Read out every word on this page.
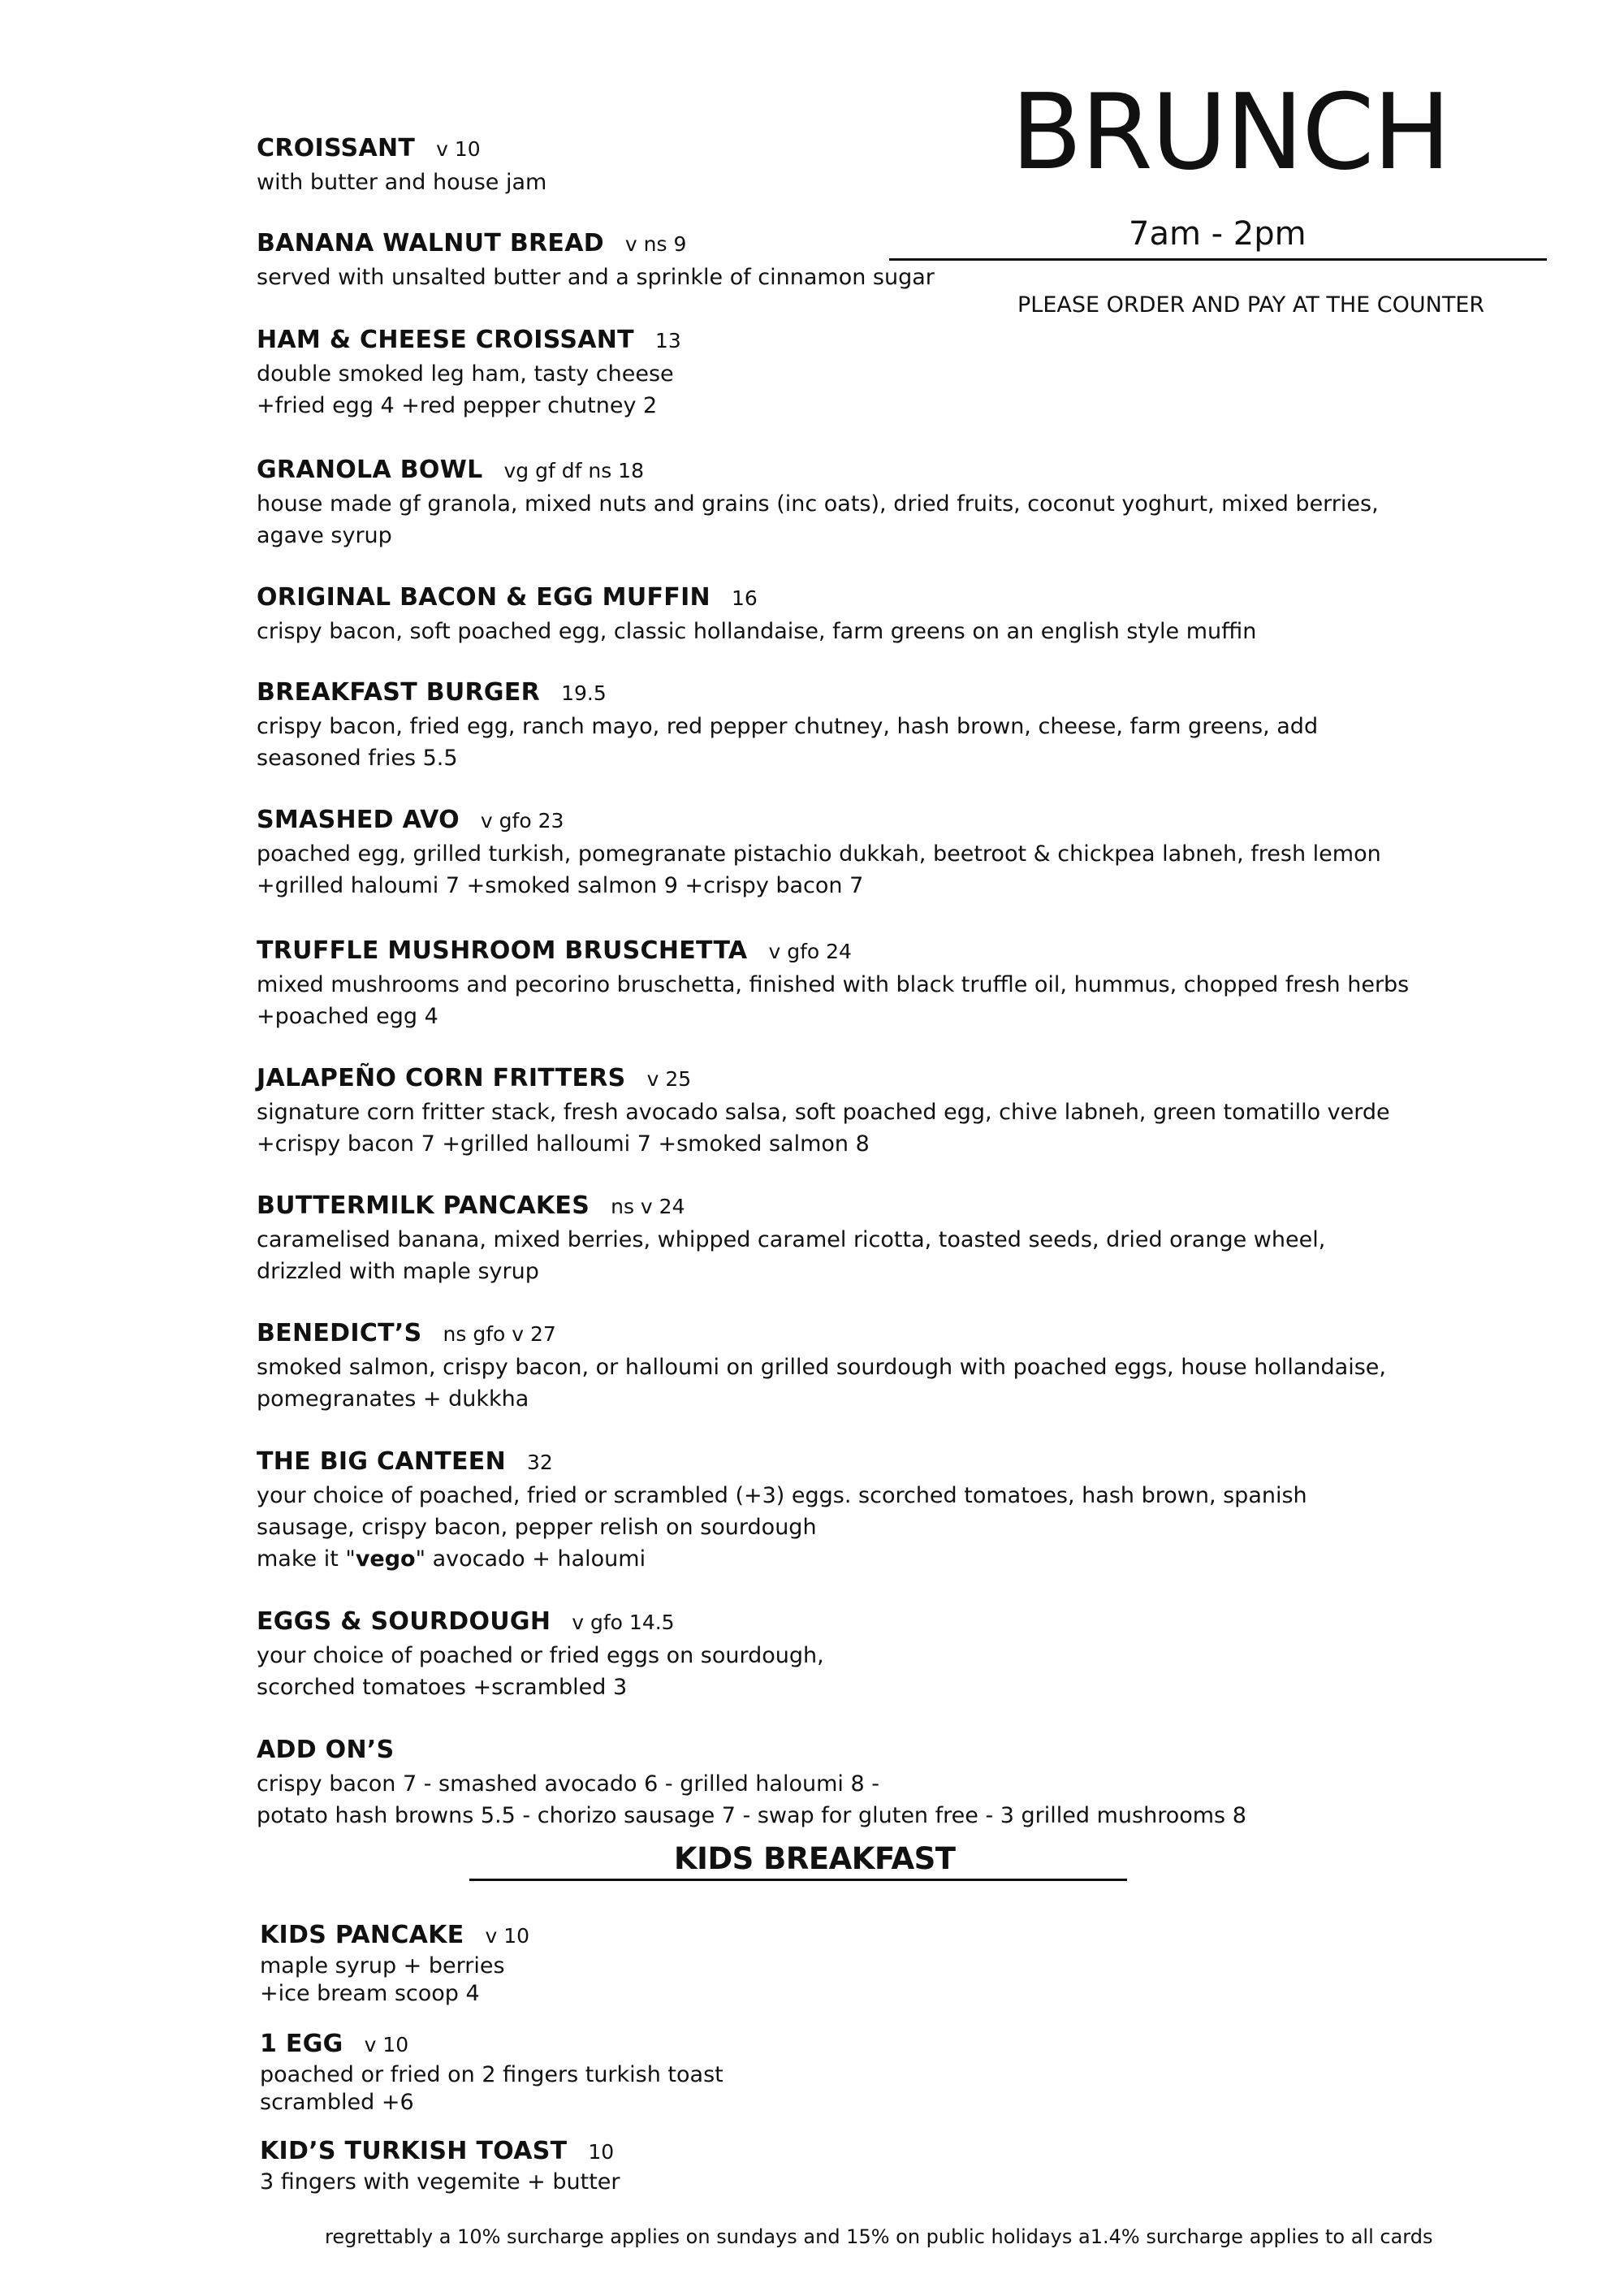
BRUNCH
7am - 2pm
PLEASE ORDER AND PAY AT THE COUNTER
CROISSANT v 10
with butter and house jam
BANANA WALNUT BREAD v ns 9
served with unsalted butter and a sprinkle of cinnamon sugar
HAM & CHEESE CROISSANT 13
double smoked leg ham, tasty cheese
+fried egg 4 +red pepper chutney 2
GRANOLA BOWL vg gf df ns 18
house made gf granola, mixed nuts and grains (inc oats), dried fruits, coconut yoghurt, mixed berries,
agave syrup
ORIGINAL BACON & EGG MUFFIN 16
crispy bacon, soft poached egg, classic hollandaise, farm greens on an english style muffin
BREAKFAST BURGER 19.5
crispy bacon, fried egg, ranch mayo, red pepper chutney, hash brown, cheese, farm greens, add
seasoned fries 5.5
SMASHED AVO v gfo 23
poached egg, grilled turkish, pomegranate pistachio dukkah, beetroot & chickpea labneh, fresh lemon
+grilled haloumi 7 +smoked salmon 9 +crispy bacon 7
TRUFFLE MUSHROOM BRUSCHETTA v gfo 24
mixed mushrooms and pecorino bruschetta, finished with black truffle oil, hummus, chopped fresh herbs
+poached egg 4
JALAPEÑO CORN FRITTERS v 25
signature corn fritter stack, fresh avocado salsa, soft poached egg, chive labneh, green tomatillo verde
+crispy bacon 7 +grilled halloumi 7 +smoked salmon 8
BUTTERMILK PANCAKES ns v 24
caramelised banana, mixed berries, whipped caramel ricotta, toasted seeds, dried orange wheel,
drizzled with maple syrup
BENEDICT’S ns gfo v 27
smoked salmon, crispy bacon, or halloumi on grilled sourdough with poached eggs, house hollandaise,
pomegranates + dukkha
THE BIG CANTEEN 32
your choice of poached, fried or scrambled (+3) eggs. scorched tomatoes, hash brown, spanish
sausage, crispy bacon, pepper relish on sourdough
make it "vego" avocado + haloumi
EGGS & SOURDOUGH v gfo 14.5
your choice of poached or fried eggs on sourdough,
scorched tomatoes +scrambled 3
ADD ON’S
crispy bacon 7 - smashed avocado 6 - grilled haloumi 8 -
potato hash browns 5.5 - chorizo sausage 7 - swap for gluten free - 3 grilled mushrooms 8
KIDS BREAKFAST
KIDS PANCAKE v 10
maple syrup + berries
+ice bream scoop 4
1 EGG v 10
poached or fried on 2 fingers turkish toast
scrambled +6
KID’S TURKISH TOAST 10
3 fingers with vegemite + butter
regrettably a 10% surcharge applies on sundays and 15% on public holidays a1.4% surcharge applies to all cards
